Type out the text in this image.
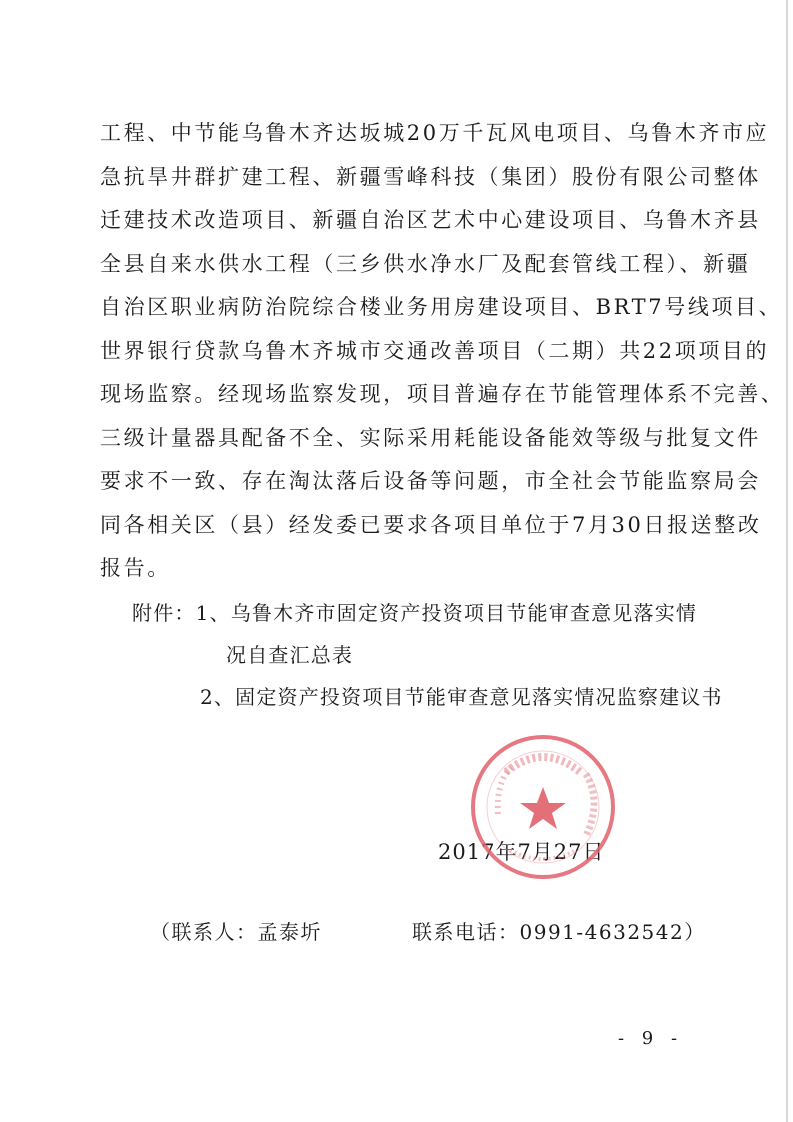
工程、中节能乌鲁木齐达坂城20万千瓦风电项目、乌鲁木齐市应
急抗旱井群扩建工程、新疆雪峰科技（集团）股份有限公司整体
迁建技术改造项目、新疆自治区艺术中心建设项目、乌鲁木齐县
全县自来水供水工程（三乡供水净水厂及配套管线工程）、新疆
自治区职业病防治院综合楼业务用房建设项目、BRT7号线项目、
世界银行贷款乌鲁木齐城市交通改善项目（二期）共22项项目的
现场监察。经现场监察发现，项目普遍存在节能管理体系不完善、
三级计量器具配备不全、实际采用耗能设备能效等级与批复文件
要求不一致、存在淘汰落后设备等问题，市全社会节能监察局会
同各相关区（县）经发委已要求各项目单位于7月30日报送整改
报告。
附件：1、乌鲁木齐市固定资产投资项目节能审查意见落实情
况自查汇总表
2、固定资产投资项目节能审查意见落实情况监察建议书
2017年7月27日
（联系人：孟泰圻	联系电话：0991-4632542）
- 9 -
